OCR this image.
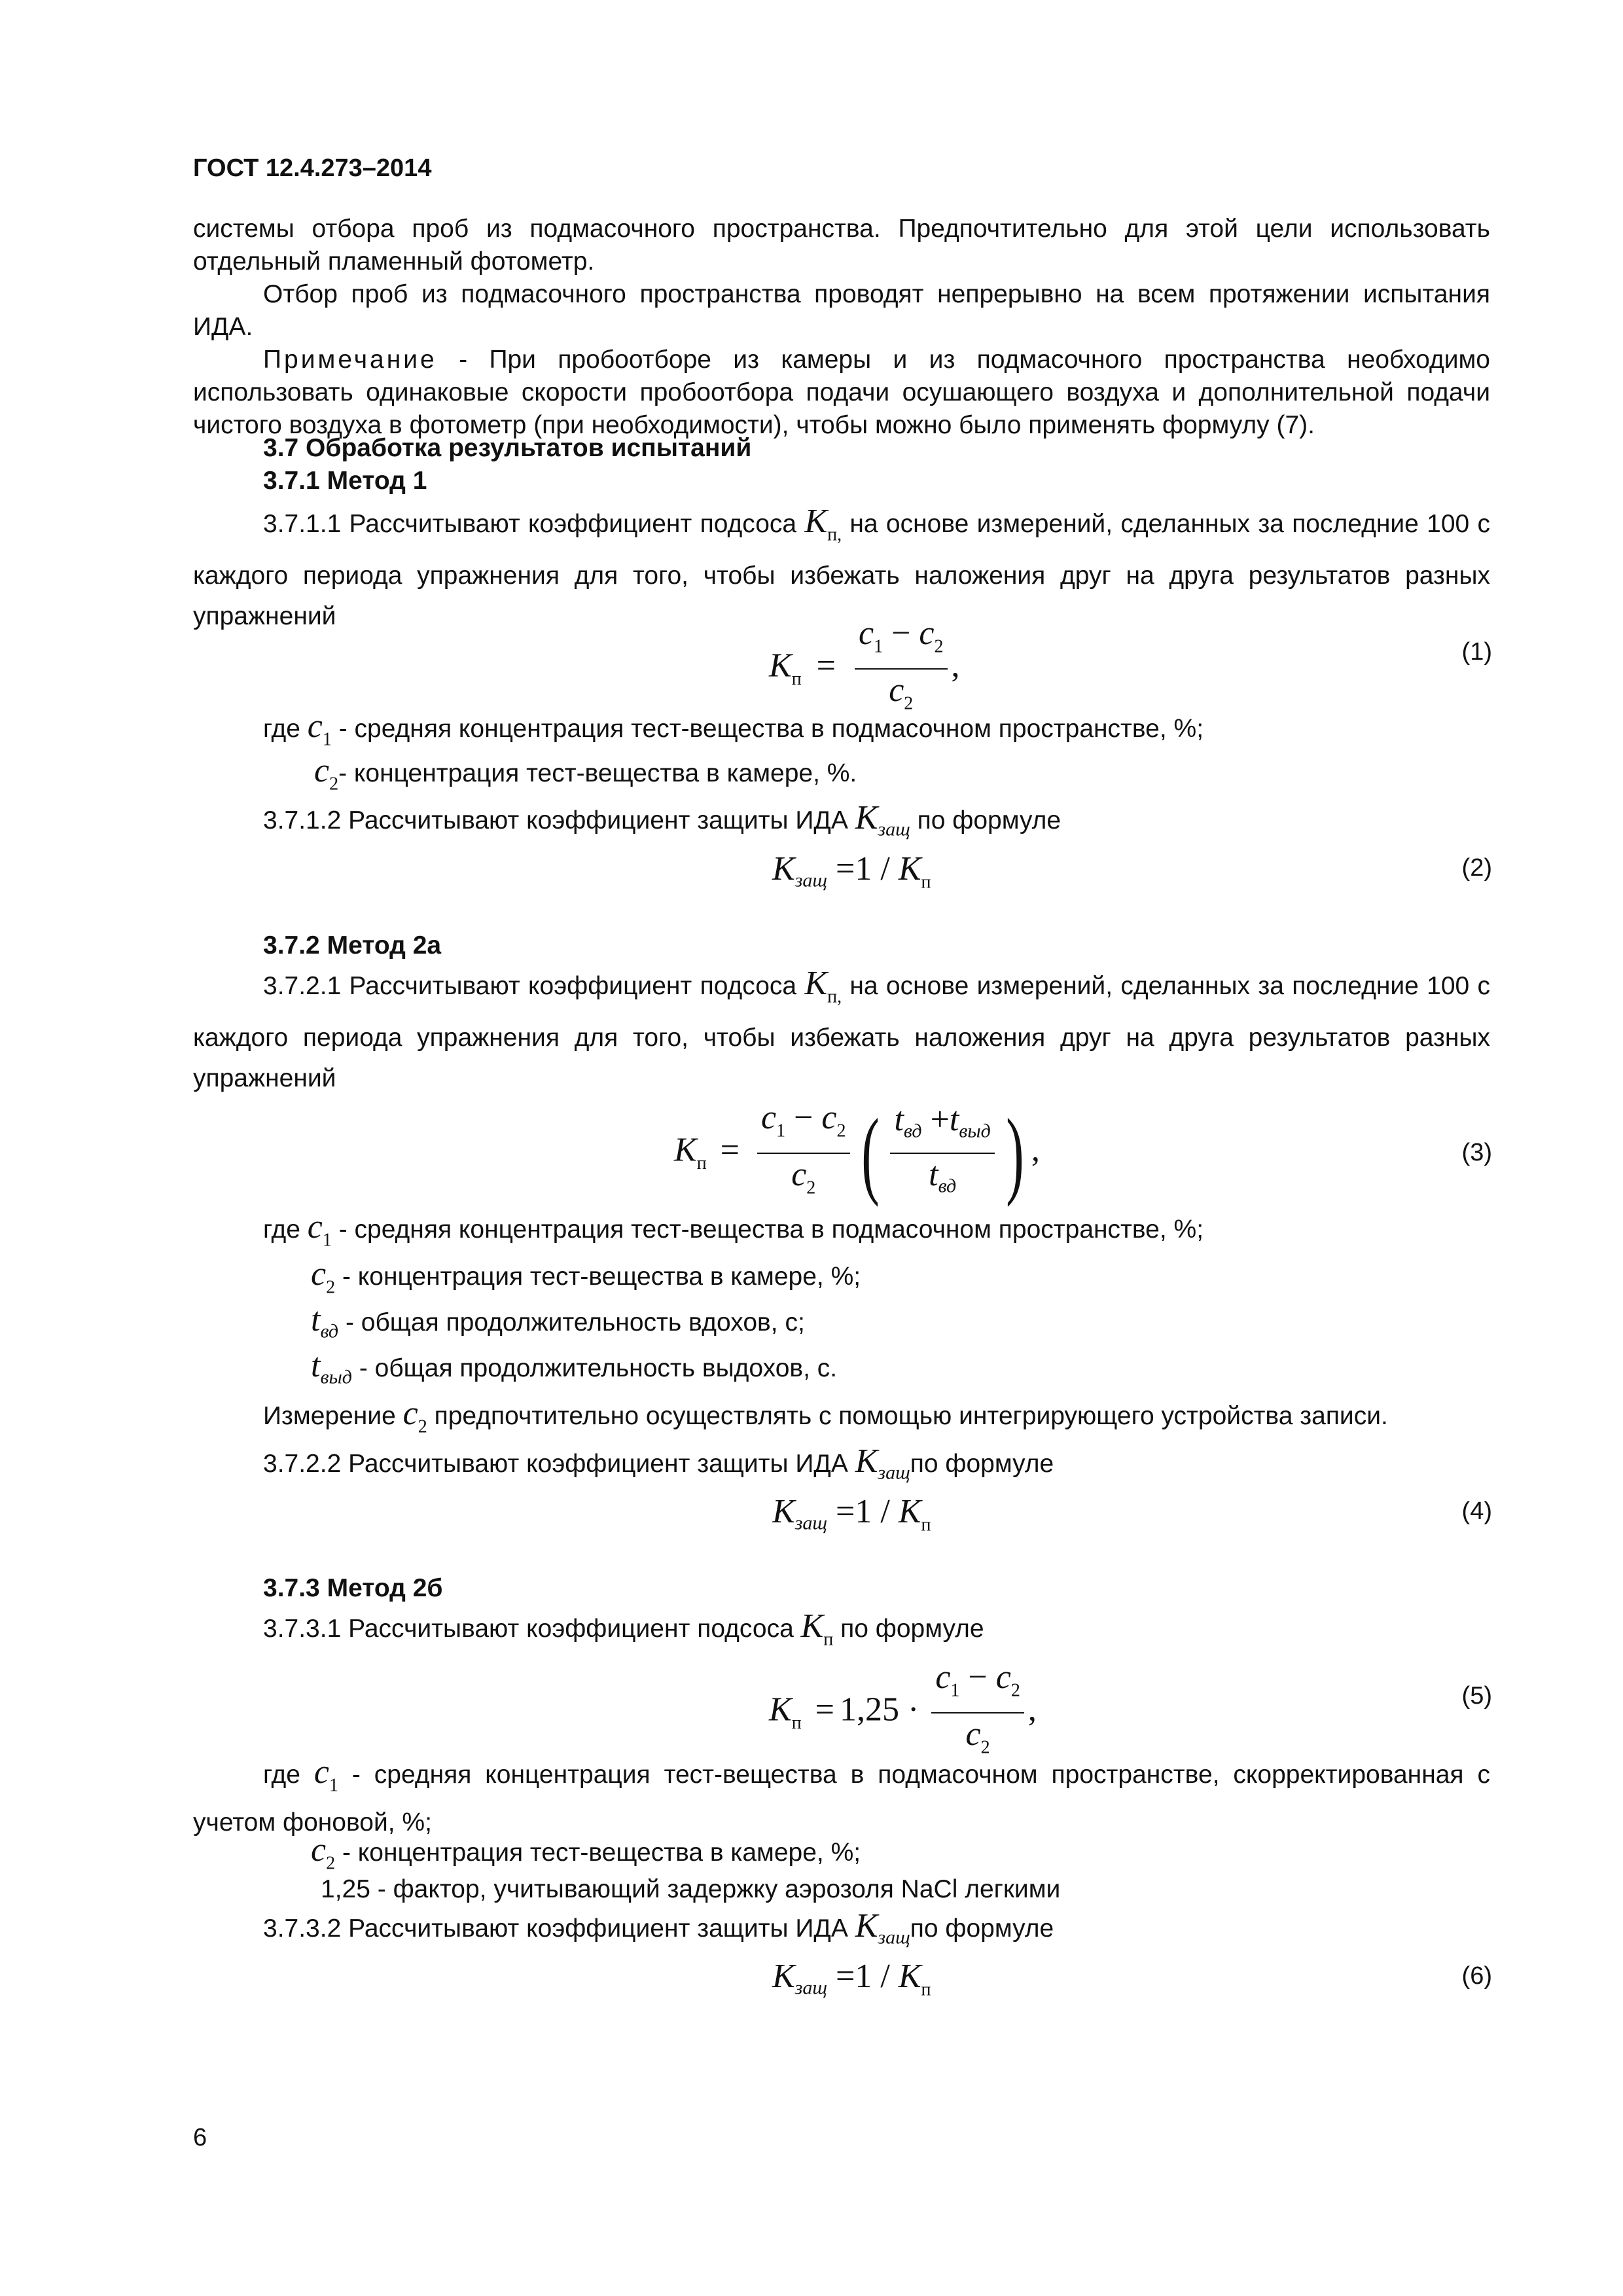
ГОСТ 12.4.273–2014
системы отбора проб из подмасочного пространства. Предпочтительно для этой цели использовать отдельный пламенный фотометр.
Отбор проб из подмасочного пространства проводят непрерывно на всем протяжении испытания ИДА.
Примечание - При пробоотборе из камеры и из подмасочного пространства необходимо использовать одинаковые скорости пробоотбора подачи осушающего воздуха и дополнительной подачи чистого воздуха в фотометр (при необходимости), чтобы можно было применять формулу (7).
3.7 Обработка результатов испытаний
3.7.1 Метод 1
3.7.1.1 Рассчитывают коэффициент подсоса $K_{п,}$ на основе измерений, сделанных за последние 100 с каждого периода упражнения для того, чтобы избежать наложения друг на друга результатов разных упражнений
$K_п = \frac{c_1 - c_2}{c_2}$ ,	(1)
где $c_1$ - средняя концентрация тест-вещества в подмасочном пространстве, %;
$c_2-$ концентрация тест-вещества в камере, %.
3.7.1.2 Рассчитывают коэффициент защиты ИДА $K_{защ}$ по формуле
$K_{защ} =1 / K_п$
(2)
3.7.2 Метод 2а
3.7.2.1 Рассчитывают коэффициент подсоса $K_{п,}$ на основе измерений, сделанных за последние 100 с каждого периода упражнения для того, чтобы избежать наложения друг на друга результатов разных упражнений
$K_п = \frac{c_1 - c_2}{c_2}$ ( $\frac{t_{вд} +t_{выд}}{t_{вд}}$ ) ,	(3)
где $c_1$ - средняя концентрация тест-вещества в подмасочном пространстве, %;
$c_2$ - концентрация тест-вещества в камере, %;
$t_{вд}$ - общая продолжительность вдохов, с;
$t_{выд}$ - общая продолжительность выдохов, с.
Измерение $c_2$ предпочтительно осуществлять с помощью интегрирующего устройства записи.
3.7.2.2 Рассчитывают коэффициент защиты ИДА $K_{защ}по$ формуле
$K_{защ} =1 / K_п$
(4)
3.7.3 Метод 2б
3.7.3.1 Рассчитывают коэффициент подсоса $K_п$ по формуле
$K_п = 1,25 \cdot \frac{c_1 - c_2}{c_2}$ ,	(5)
где $c_1$ - средняя концентрация тест-вещества в подмасочном пространстве, скорректированная с учетом фоновой, %;
$c_2$ - концентрация тест-вещества в камере, %;
1,25 - фактор, учитывающий задержку аэрозоля NaCl легкими
3.7.3.2 Рассчитывают коэффициент защиты ИДА $K_{защ}по$ формуле
$K_{защ} =1 / K_п$
(6)
6
